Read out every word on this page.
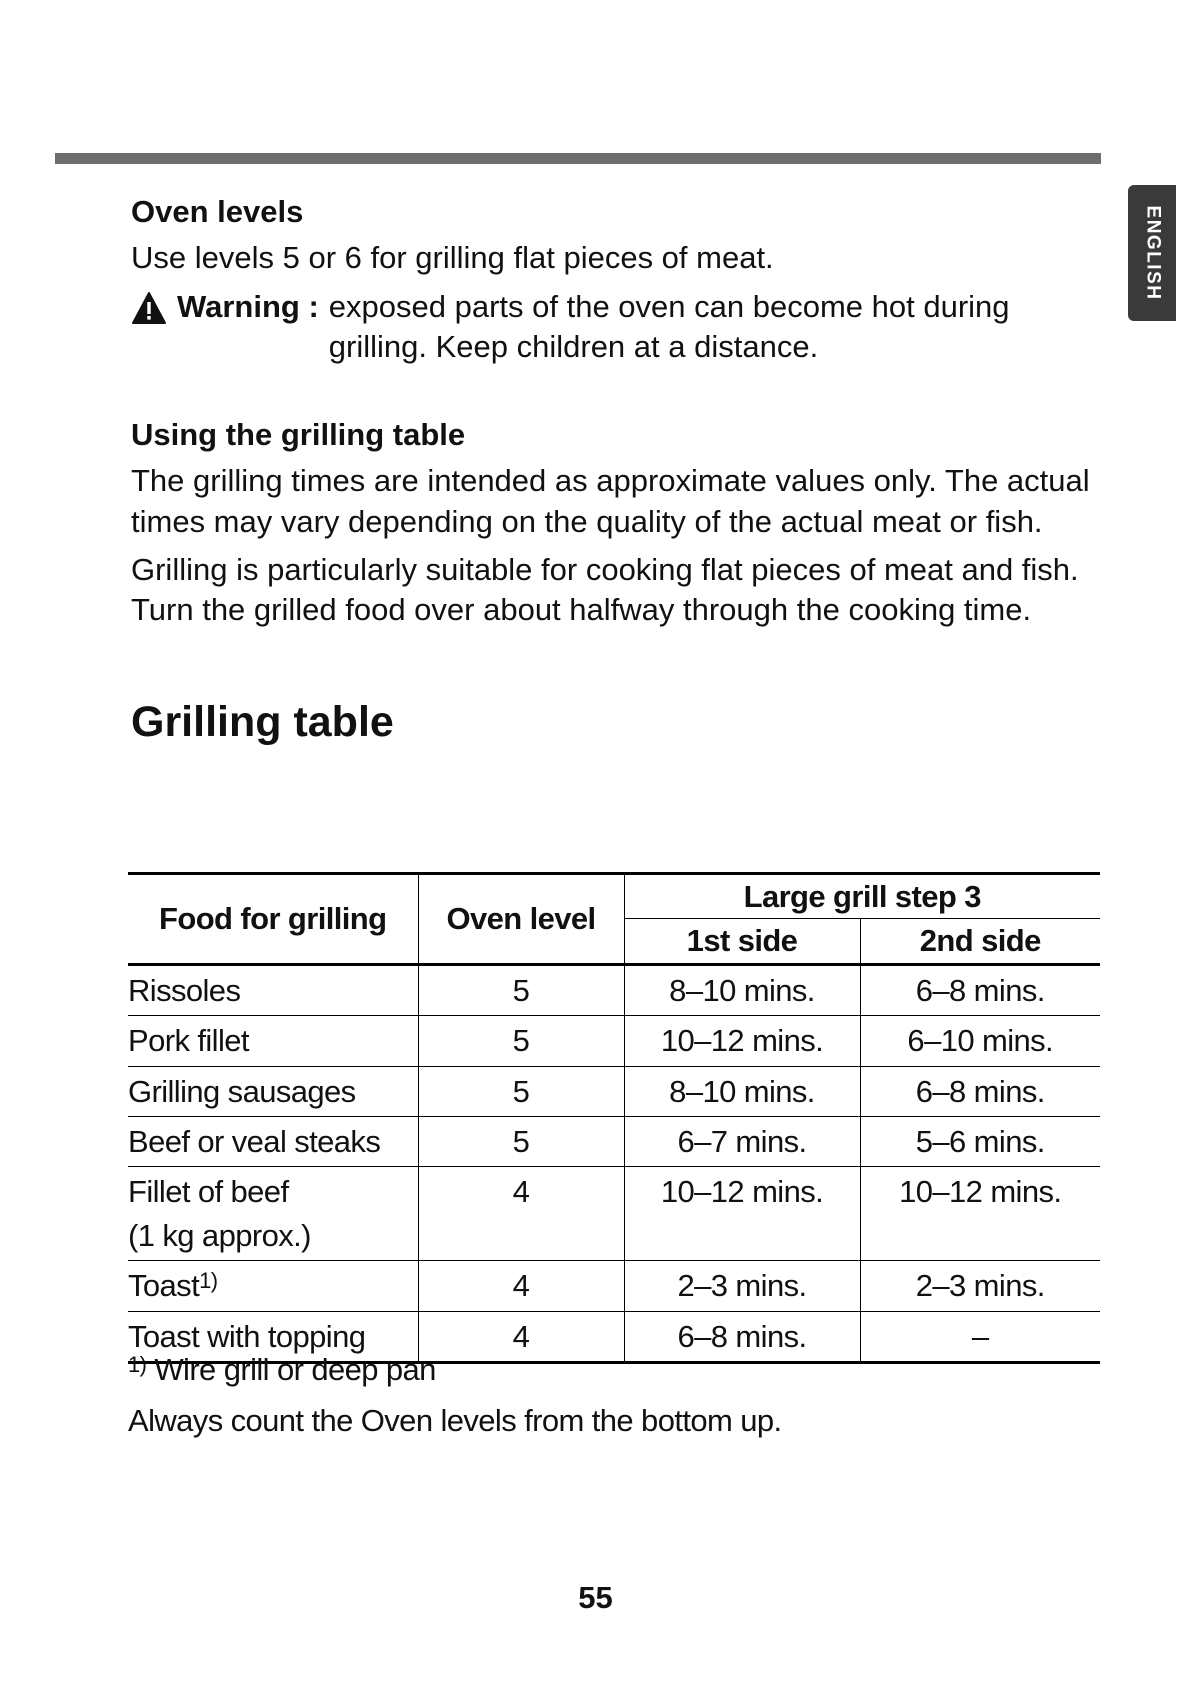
ENGLISH
Oven levels

Use levels 5 or 6 for grilling flat pieces of meat.

Warning : exposed parts of the oven can become hot during grilling. Keep children at a distance.
Using the grilling table

The grilling times are intended as approximate values only. The actual times may vary depending on the quality of the actual meat or fish.

Grilling is particularly suitable for cooking flat pieces of meat and fish.

Turn the grilled food over about halfway through the cooking time.

Grilling table
Food for grilling	Oven level	Large grill step 3	
		1st side	2nd side
Rissoles	5	8–10 mins.	6–8 mins.
Pork fillet	5	10–12 mins.	6–10 mins.
Grilling sausages	5	8–10 mins.	6–8 mins.
Beef or veal steaks	5	6–7 mins.	5–6 mins.

Fillet of beef
(1 kg approx.)	4	10–12 mins.	10–12 mins.
Toast$^{1)}$	4	2–3 mins.	2–3 mins.
Toast with topping	4	6–8 mins.	–
$^{1)}$ Wire grill or deep pan
Always count the Oven levels from the bottom up.
55
